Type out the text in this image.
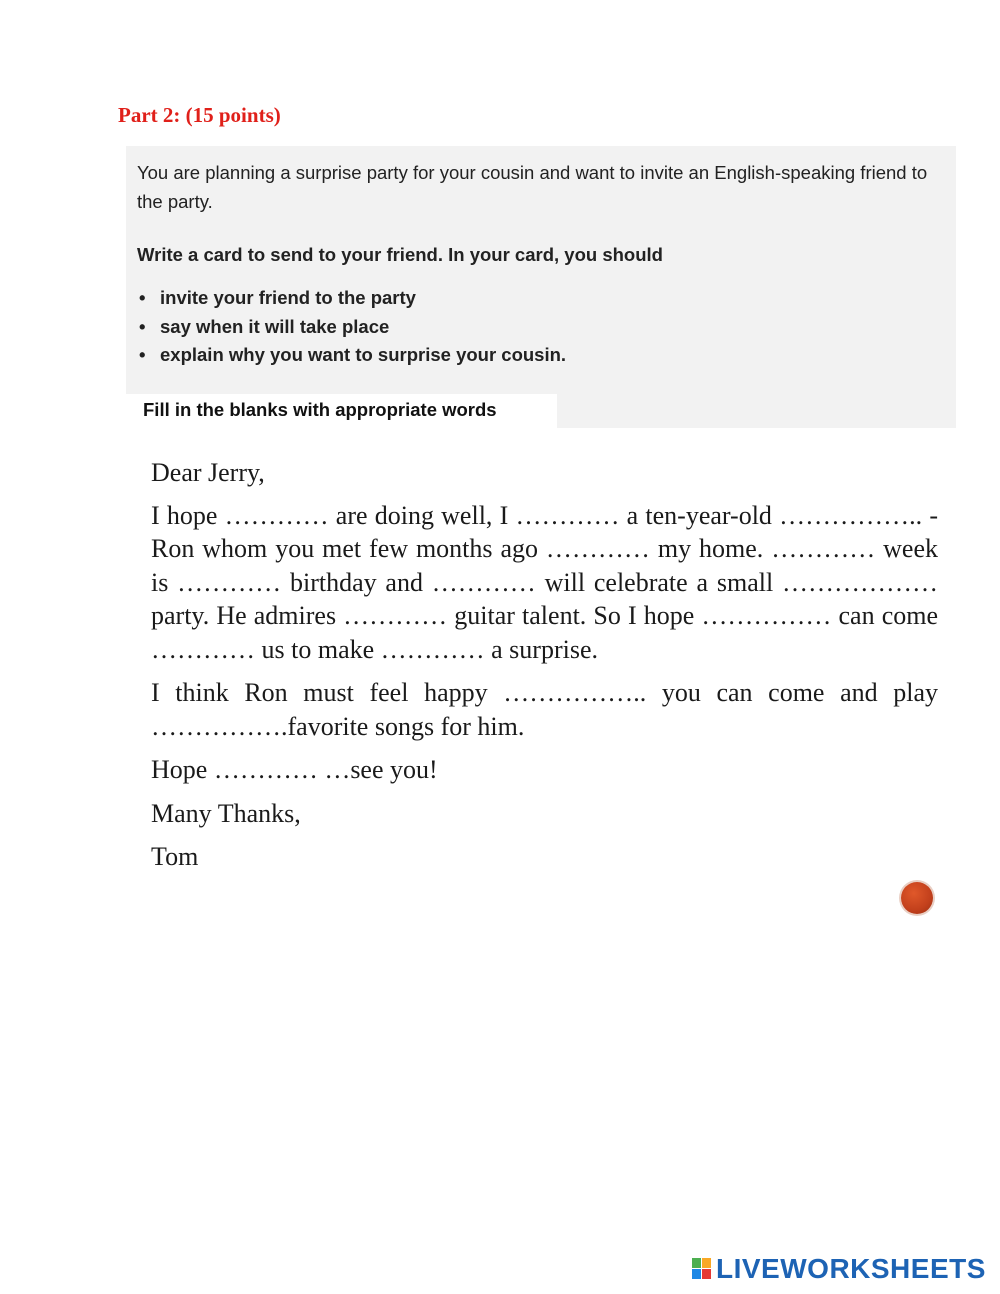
Part 2: (15 points)
You are planning a surprise party for your cousin and want to invite an English-speaking friend to the party.
Write a card to send to your friend. In your card, you should
• invite your friend to the party
• say when it will take place
• explain why you want to surprise your cousin.
Fill in the blanks with appropriate words

Dear Jerry,

I hope ………… are doing well, I ………… a ten-year-old …………….. - Ron whom you met few months ago ………… my home. ………… week is ………… birthday and ………… will celebrate a small ……………… party. He admires ………… guitar talent. So I hope …………… can come ………… us to make ………… a surprise.

I think Ron must feel happy …………….. you can come and play …………….favorite songs for him.

Hope ………… …see you!

Many Thanks,

Tom

LIVEWORKSHEETS
